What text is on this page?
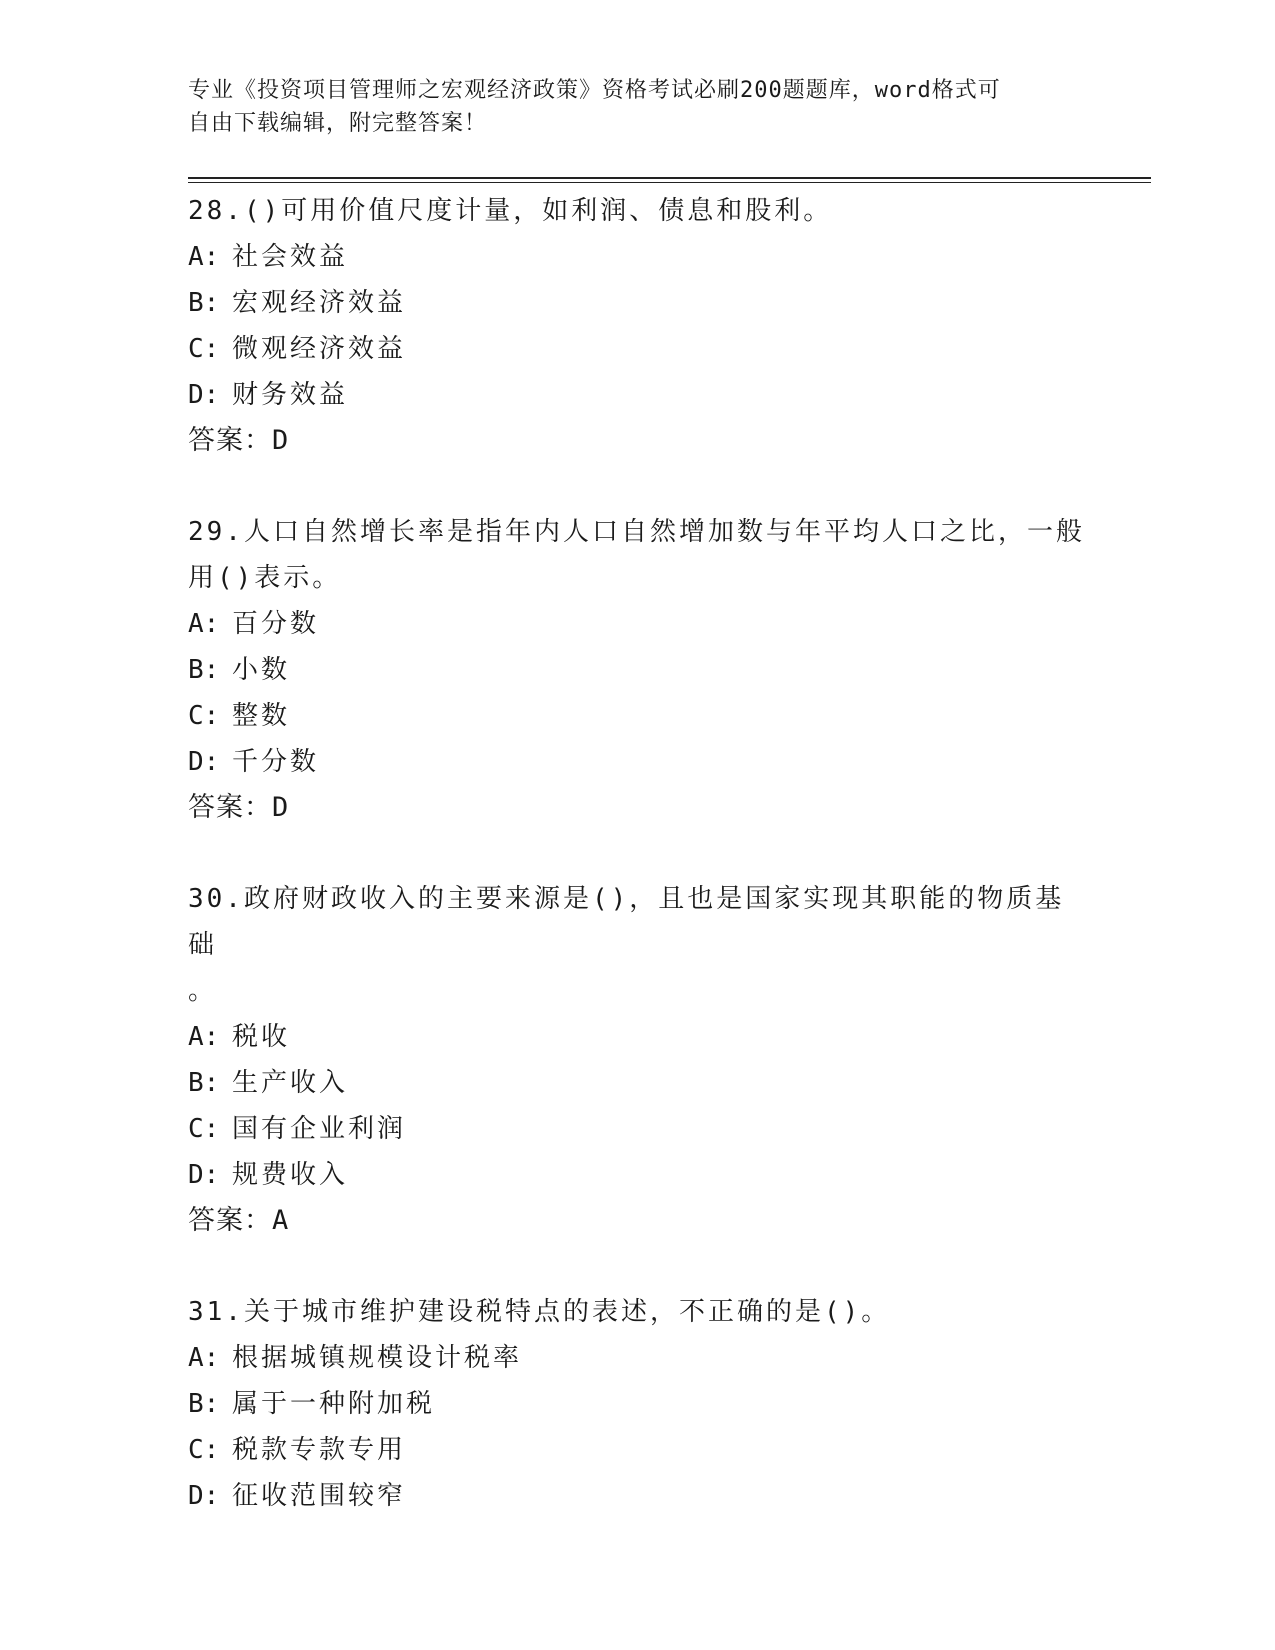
专业《投资项目管理师之宏观经济政策》资格考试必刷200题题库，word格式可
自由下载编辑，附完整答案！
28.()可用价值尺度计量，如利润、债息和股利。
A: 社会效益
B: 宏观经济效益
C: 微观经济效益
D: 财务效益
答案：D
29.人口自然增长率是指年内人口自然增加数与年平均人口之比，一般
用()表示。
A: 百分数
B: 小数
C: 整数
D: 千分数
答案：D
30.政府财政收入的主要来源是()，且也是国家实现其职能的物质基础
。
A: 税收
B: 生产收入
C: 国有企业利润
D: 规费收入
答案：A
31.关于城市维护建设税特点的表述，不正确的是()。
A: 根据城镇规模设计税率
B: 属于一种附加税
C: 税款专款专用
D: 征收范围较窄
